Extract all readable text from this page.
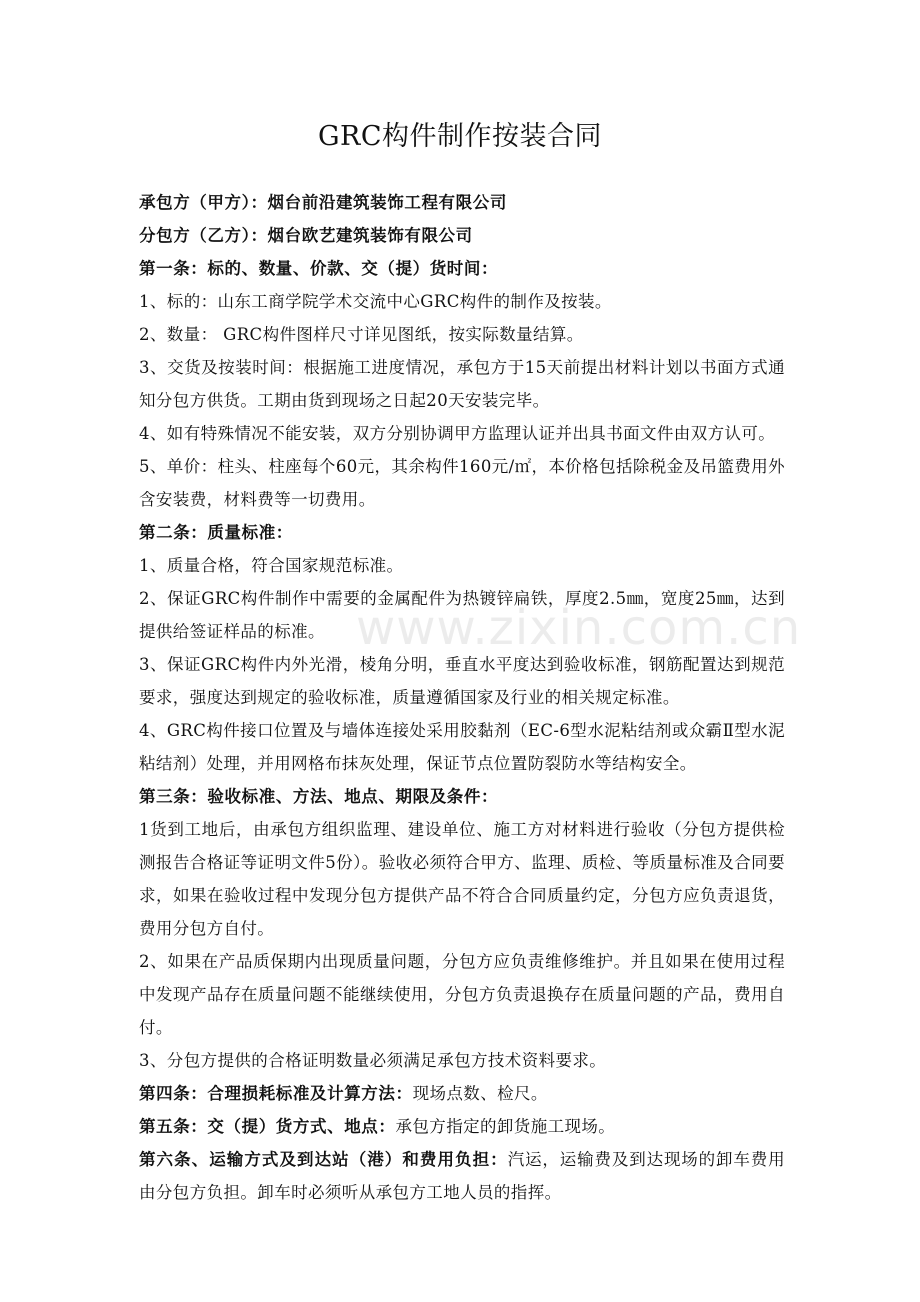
www.zixin.com.cn
GRC构件制作按装合同

承包方（甲方）：烟台前沿建筑装饰工程有限公司

分包方（乙方）：烟台欧艺建筑装饰有限公司

第一条：标的、数量、价款、交（提）货时间：

1、标的：山东工商学院学术交流中心GRC构件的制作及按装。

2、数量： GRC构件图样尺寸详见图纸，按实际数量结算。

3、交货及按装时间：根据施工进度情况，承包方于15天前提出材料计划以书面方式通知分包方供货。工期由货到现场之日起20天安装完毕。

4、如有特殊情况不能安装，双方分别协调甲方监理认证并出具书面文件由双方认可。

5、单价：柱头、柱座每个60元，其余构件160元/㎡，本价格包括除税金及吊篮费用外含安装费，材料费等一切费用。

第二条：质量标准：

1、质量合格，符合国家规范标准。

2、保证GRC构件制作中需要的金属配件为热镀锌扁铁，厚度2.5㎜，宽度25㎜，达到提供给签证样品的标准。

3、保证GRC构件内外光滑，棱角分明，垂直水平度达到验收标准，钢筋配置达到规范要求，强度达到规定的验收标准，质量遵循国家及行业的相关规定标准。

4、GRC构件接口位置及与墙体连接处采用胶黏剂（EC-6型水泥粘结剂或众霸Ⅱ型水泥粘结剂）处理，并用网格布抹灰处理，保证节点位置防裂防水等结构安全。

第三条：验收标准、方法、地点、期限及条件：

1货到工地后，由承包方组织监理、建设单位、施工方对材料进行验收（分包方提供检测报告合格证等证明文件5份）。验收必须符合甲方、监理、质检、等质量标准及合同要求，如果在验收过程中发现分包方提供产品不符合合同质量约定，分包方应负责退货，费用分包方自付。

2、如果在产品质保期内出现质量问题，分包方应负责维修维护。并且如果在使用过程中发现产品存在质量问题不能继续使用，分包方负责退换存在质量问题的产品，费用自付。

3、分包方提供的合格证明数量必须满足承包方技术资料要求。

第四条：合理损耗标准及计算方法：现场点数、检尺。

第五条：交（提）货方式、地点：承包方指定的卸货施工现场。

第六条、运输方式及到达站（港）和费用负担：汽运，运输费及到达现场的卸车费用由分包方负担。卸车时必须听从承包方工地人员的指挥。
